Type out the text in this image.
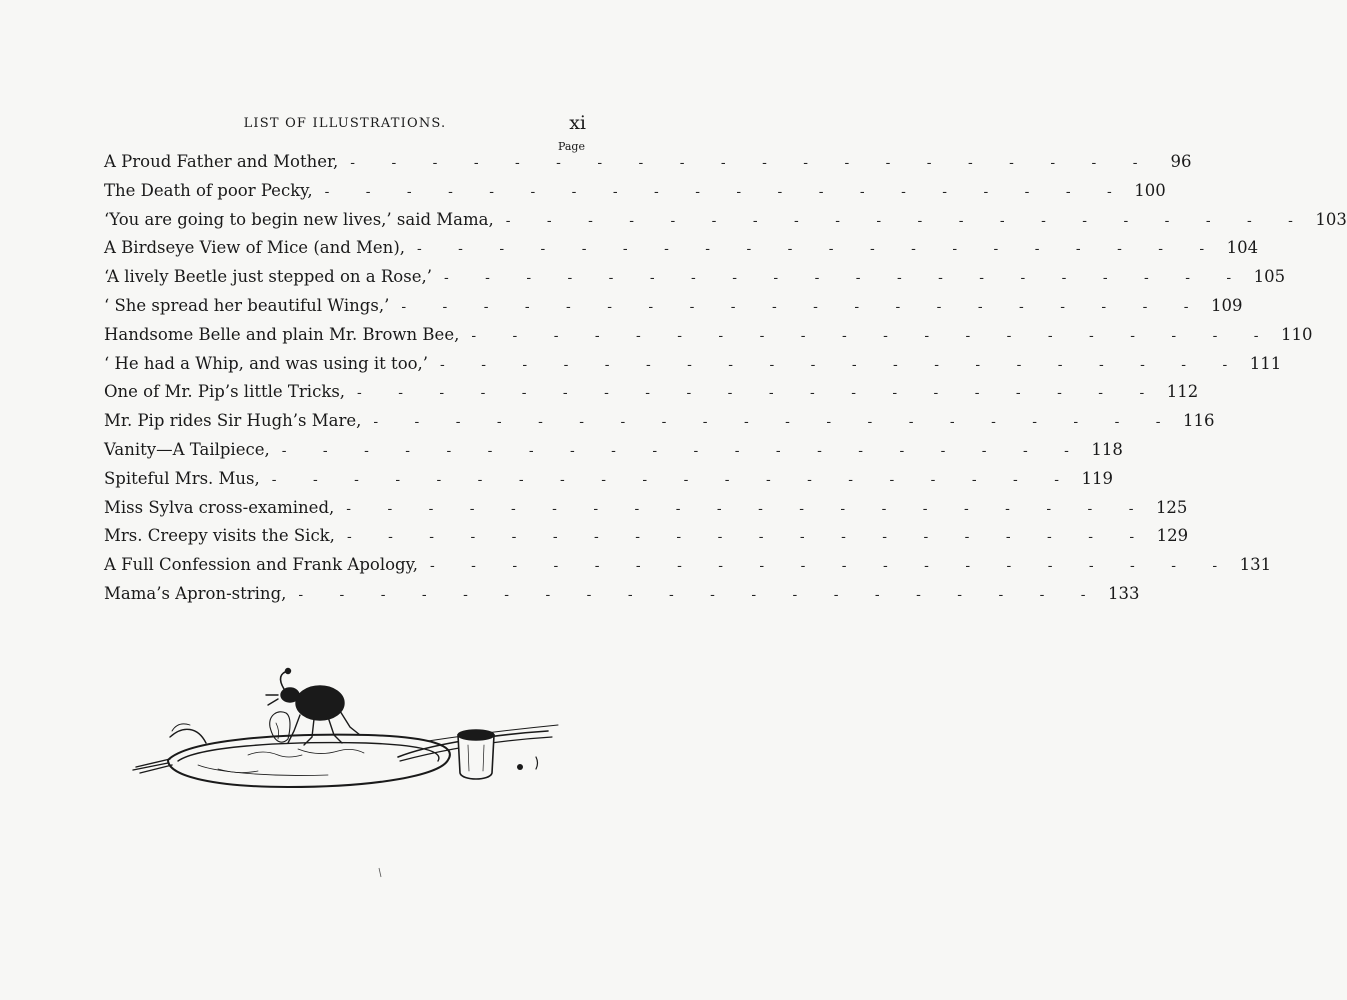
LIST OF ILLUSTRATIONS.	xi
Page
A Proud Father and Mother, - - - - - - - - - - - - - - - - - - - -	96
The Death of poor Pecky, - - - - - - - - - - - - - - - - - - - - 100
‘You are going to begin new lives,’ said Mama, - - - - - - - - - - - - - - - - - - - - 103
A Birdseye View of Mice (and Men), - - - - - - - - - - - - - - - - - - - - 104
‘A lively Beetle just stepped on a Rose,’ - - - - - - - - - - - - - - - - - - - - 105
‘ She spread her beautiful Wings,’ - - - - - - - - - - - - - - - - - - - - 109
Handsome Belle and plain Mr. Brown Bee, - - - - - - - - - - - - - - - - - - - - 110
‘ He had a Whip, and was using it too,’ - - - - - - - - - - - - - - - - - - - - 111
One of Mr. Pip’s little Tricks, - - - - - - - - - - - - - - - - - - - - 112
Mr. Pip rides Sir Hugh’s Mare, - - - - - - - - - - - - - - - - - - - - 116
Vanity—A Tailpiece, - - - - - - - - - - - - - - - - - - - - 118
Spiteful Mrs. Mus, - - - - - - - - - - - - - - - - - - - - 119
Miss Sylva cross-examined, - - - - - - - - - - - - - - - - - - - - 125
Mrs. Creepy visits the Sick, - - - - - - - - - - - - - - - - - - - - 129
A Full Confession and Frank Apology, - - - - - - - - - - - - - - - - - - - - 131
Mama’s Apron-string, - - - - - - - - - - - - - - - - - - - - 133
